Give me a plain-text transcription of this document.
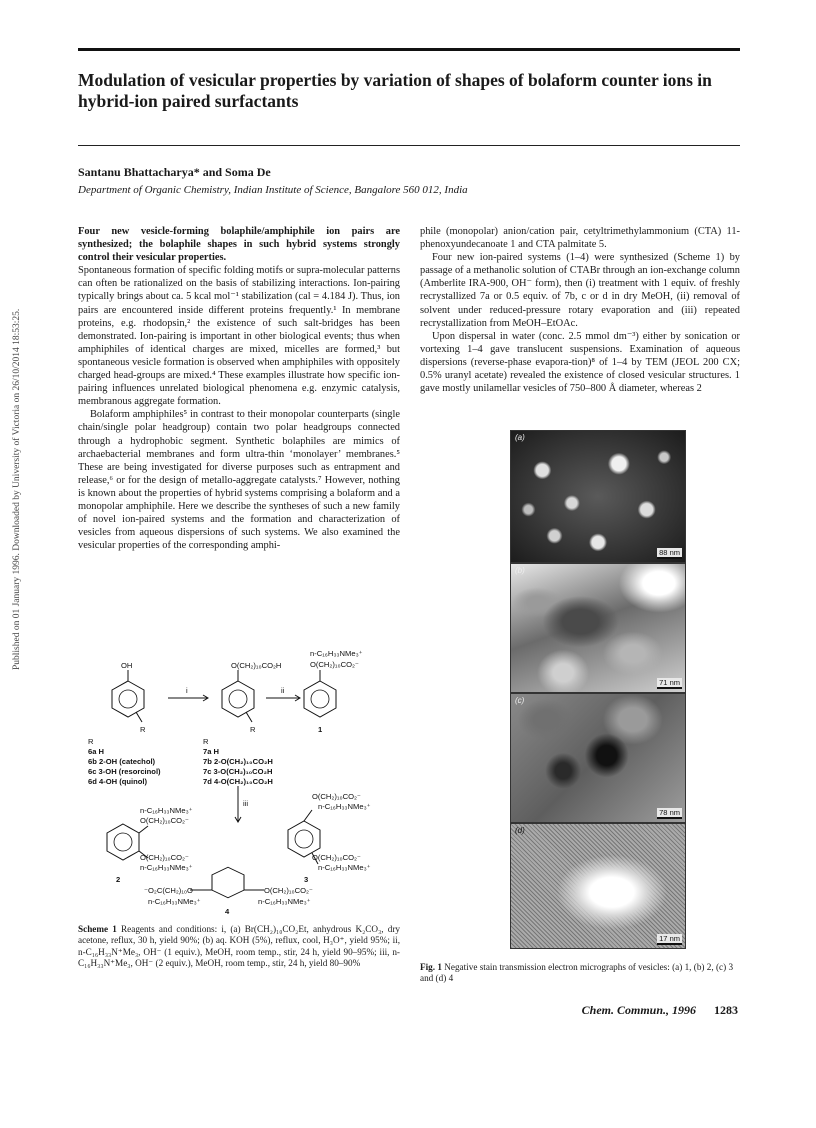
Published on 01 January 1996. Downloaded by University of Victoria on 26/10/2014 18:53:25.
Modulation of vesicular properties by variation of shapes of bolaform counter ions in hybrid-ion paired surfactants
Santanu Bhattacharya* and Soma De
Department of Organic Chemistry, Indian Institute of Science, Bangalore 560 012, India

Four new vesicle-forming bolaphile/amphiphile ion pairs are synthesized; the bolaphile shapes in such hybrid systems strongly control their vesicular properties.

Spontaneous formation of specific folding motifs or supra-molecular patterns can often be rationalized on the basis of stabilizing interactions. Ion-pairing typically brings about ca. 5 kcal mol⁻¹ stabilization (cal = 4.184 J). Thus, ion pairs are encountered inside different proteins frequently.¹ In membrane proteins, e.g. rhodopsin,² the existence of such salt-bridges has been demonstrated. Ion-pairing is important in other biological events; thus when amphiphiles of identical charges are mixed, micelles are formed,³ but spontaneous vesicle formation is observed when amphiphiles with oppositely charged head-groups are mixed.⁴ These examples illustrate how specific ion-pairing influences unrelated biological phenomena e.g. enzymic catalysis, membranous aggregate formation.

Bolaform amphiphiles⁵ in contrast to their monopolar counterparts (single chain/single polar headgroup) contain two polar headgroups connected through a hydrophobic segment. Synthetic bolaphiles are mimics of archaebacterial membranes and form ultra-thin ‘monolayer’ membranes.⁵ These are being investigated for diverse purposes such as entrapment and release,⁶ or for the design of metallo-aggregate catalysts.⁷ However, nothing is known about the properties of hybrid systems comprising a bolaform and a monopolar amphiphile. Here we describe the syntheses of such a new family of novel ion-paired systems and the formation and characterization of vesicles from aqueous dispersions of such systems. We also examined the vesicular properties of the corresponding amphi-

phile (monopolar) anion/cation pair, cetyltrimethylammonium (CTA) 11-phenoxyundecanoate 1 and CTA palmitate 5.

Four new ion-paired systems (1–4) were synthesized (Scheme 1) by passage of a methanolic solution of CTABr through an ion-exchange column (Amberlite IRA-900, OH⁻ form), then (i) treatment with 1 equiv. of freshly recrystallized 7a or 0.5 equiv. of 7b, c or d in dry MeOH, (ii) removal of solvent under reduced-pressure rotary evaporation and (iii) repeated recrystallization from MeOH–EtOAc.

Upon dispersal in water (conc. 2.5 mmol dm⁻³) either by sonication or vortexing 1–4 gave translucent suspensions. Examination of aqueous dispersions (reverse-phase evapora-tion)⁸ of 1–4 by TEM (JEOL 200 CX; 0.5% uranyl acetate) revealed the existence of closed vesicular structures. 1 gave mostly unilamellar vesicles of 750–800 Å diameter, whereas 2

OH	O(CH₂)₁₀CO₂H
n-C₁₆H₃₃NMe₃⁺
O(CH₂)₁₀CO₂⁻
i	ii
iii
R	R	1
R
6a H
6b 2-OH (catechol)
6c 3-OH (resorcinol)
6d 4-OH (quinol)
R
7a H
7b 2-O(CH₂)₁₀CO₂H
7c 3-O(CH₂)₁₀CO₂H
7d 4-O(CH₂)₁₀CO₂H
n-C₁₆H₃₃NMe₃⁺
O(CH₂)₁₀CO₂⁻
O(CH₂)₁₀CO₂⁻
n-C₁₆H₃₃NMe₃⁺
2
O(CH₂)₁₀CO₂⁻
n-C₁₆H₃₃NMe₃⁺
O(CH₂)₁₀CO₂⁻
n-C₁₆H₃₃NMe₃⁺
3
⁻O₂C(CH₂)₁₀O	O(CH₂)₁₀CO₂⁻
n-C₁₆H₃₃NMe₃⁺	n-C₁₆H₃₃NMe₃⁺
4
Scheme 1 Reagents and conditions: i, (a) Br(CH₂)₁₀CO₂Et, anhydrous K₂CO₃, dry acetone, reflux, 30 h, yield 90%; (b) aq. KOH (5%), reflux, cool, H₃O⁺, yield 95%; ii, n-C₁₆H₃₃N⁺Me₃, OH⁻ (1 equiv.), MeOH, room temp., stir, 24 h, yield 90–95%; iii, n-C₁₆H₃₃N⁺Me₃, OH⁻ (2 equiv.), MeOH, room temp., stir, 24 h, yield 80–90%
(a)
88 nm
(b)
71 nm
(c)
78 nm
(d)
17 nm
Fig. 1 Negative stain transmission electron micrographs of vesicles: (a) 1, (b) 2, (c) 3 and (d) 4
Chem. Commun., 1996 1283
